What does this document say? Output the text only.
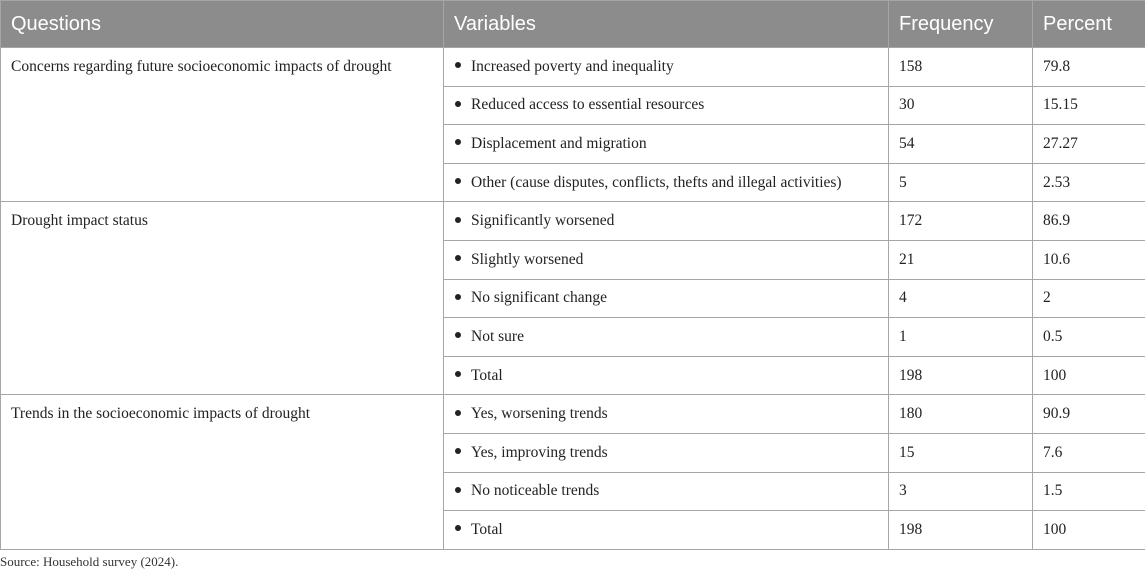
Questions	Variables	Frequency	Percent
Concerns regarding future socioeconomic impacts of drought	Increased poverty and inequality	158	79.8
	Reduced access to essential resources	30	15.15
	Displacement and migration	54	27.27
	Other (cause disputes, conflicts, thefts and illegal activities)	5	2.53
Drought impact status	Significantly worsened	172	86.9
	Slightly worsened	21	10.6
	No significant change	4	2
	Not sure	1	0.5
	Total	198	100
Trends in the socioeconomic impacts of drought	Yes, worsening trends	180	90.9
	Yes, improving trends	15	7.6
	No noticeable trends	3	1.5
	Total	198	100
Source: Household survey (2024).
